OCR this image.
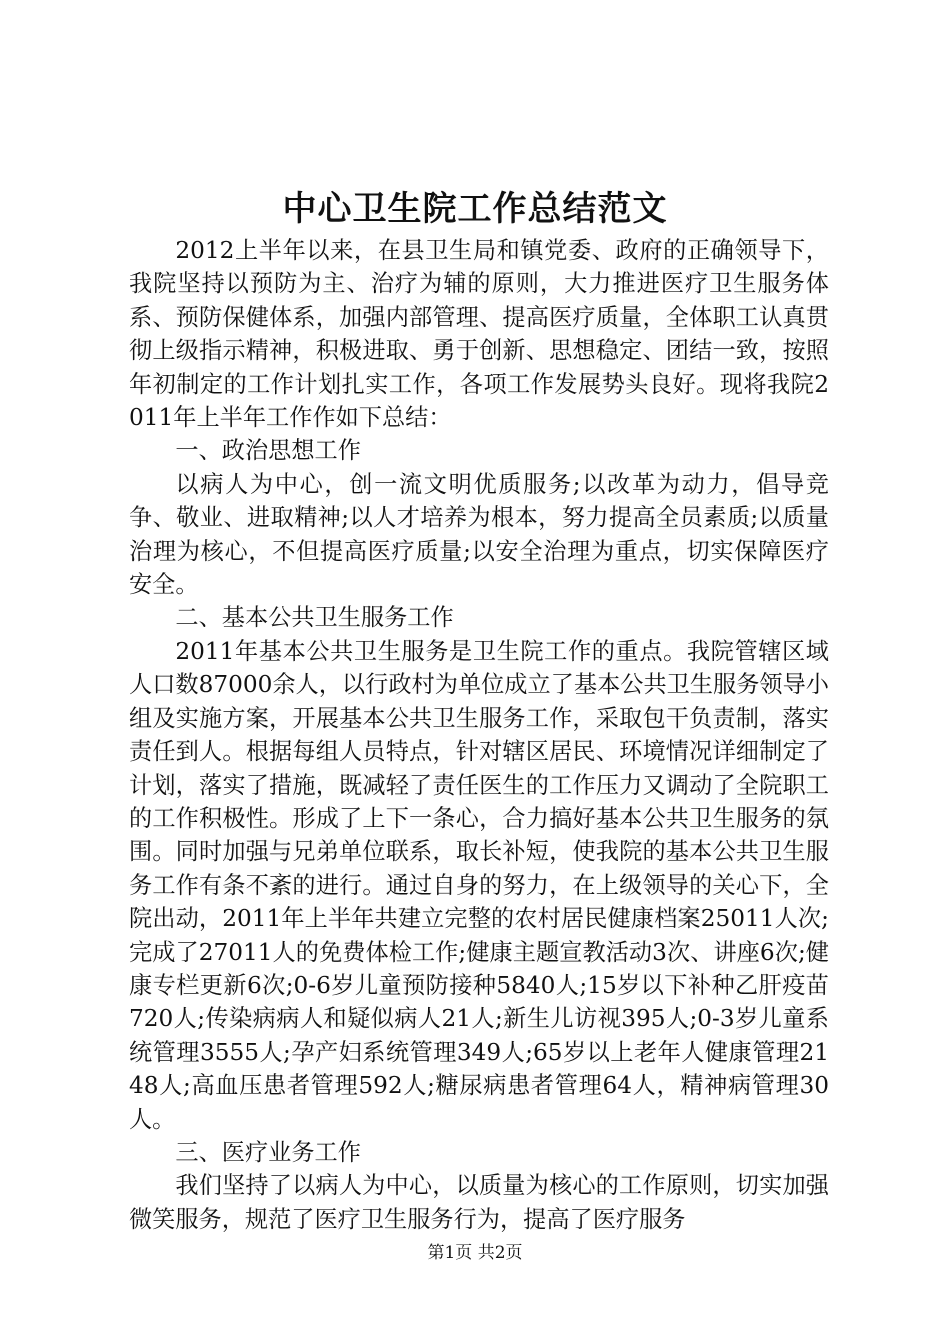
中心卫生院工作总结范文

2012上半年以来，在县卫生局和镇党委、政府的正确领导下，我院坚持以预防为主、治疗为辅的原则，大力推进医疗卫生服务体系、预防保健体系，加强内部管理、提高医疗质量，全体职工认真贯彻上级指示精神，积极进取、勇于创新、思想稳定、团结一致，按照年初制定的工作计划扎实工作，各项工作发展势头良好。现将我院2011年上半年工作作如下总结：

一、政治思想工作

以病人为中心，创一流文明优质服务;以改革为动力，倡导竞争、敬业、进取精神;以人才培养为根本，努力提高全员素质;以质量治理为核心，不但提高医疗质量;以安全治理为重点，切实保障医疗安全。

二、基本公共卫生服务工作

2011年基本公共卫生服务是卫生院工作的重点。我院管辖区域人口数87000余人，以行政村为单位成立了基本公共卫生服务领导小组及实施方案，开展基本公共卫生服务工作，采取包干负责制，落实责任到人。根据每组人员特点，针对辖区居民、环境情况详细制定了计划，落实了措施，既减轻了责任医生的工作压力又调动了全院职工的工作积极性。形成了上下一条心，合力搞好基本公共卫生服务的氛围。同时加强与兄弟单位联系，取长补短，使我院的基本公共卫生服务工作有条不紊的进行。通过自身的努力，在上级领导的关心下，全院出动，2011年上半年共建立完整的农村居民健康档案25011人次;完成了27011人的免费体检工作;健康主题宣教活动3次、讲座6次;健康专栏更新6次;0-6岁儿童预防接种5840人;15岁以下补种乙肝疫苗720人;传染病病人和疑似病人21人;新生儿访视395人;0-3岁儿童系统管理3555人;孕产妇系统管理349人;65岁以上老年人健康管理2148人;高血压患者管理592人;糖尿病患者管理64人，精神病管理30人。

三、医疗业务工作

我们坚持了以病人为中心，以质量为核心的工作原则，切实加强微笑服务，规范了医疗卫生服务行为，提高了医疗服务

第1页 共2页
